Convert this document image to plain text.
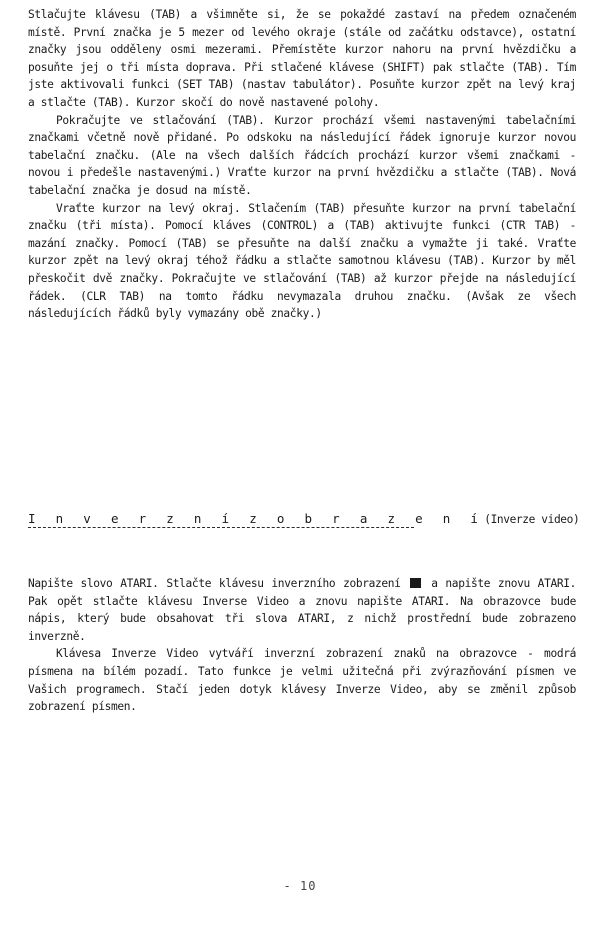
Stlačujte klávesu (TAB) a všimněte si, že se pokaždé zastaví na předem označeném místě. První značka je 5 mezer od levého okraje (stále od začátku odstavce), ostatní značky jsou odděleny osmi mezerami. Přemístěte kurzor nahoru na první hvězdičku a posuňte jej o tři místa doprava. Při stlačené klávese (SHIFT) pak stlačte (TAB). Tím jste aktivovali funkci (SET TAB) (nastav tabulátor). Posuňte kurzor zpět na levý kraj a stlačte (TAB). Kurzor skočí do nově nastavené polohy.

Pokračujte ve stlačování (TAB). Kurzor prochází všemi nastavenými tabelačními značkami včetně nově přidané. Po odskoku na následující řádek ignoruje kurzor novou tabelační značku. (Ale na všech dalších řádcích prochází kurzor všemi značkami - novou i předešle nastavenými.) Vraťte kurzor na první hvězdičku a stlačte (TAB). Nová tabelační značka je dosud na místě.

Vraťte kurzor na levý okraj. Stlačením (TAB) přesuňte kurzor na první tabelační značku (tři místa). Pomocí kláves (CONTROL) a (TAB) aktivujte funkci (CTR TAB) - mazání značky. Pomocí (TAB) se přesuňte na další značku a vymažte ji také. Vraťte kurzor zpět na levý okraj téhož řádku a stlačte samotnou klávesu (TAB). Kurzor by měl přeskočit dvě značky. Pokračujte ve stlačování (TAB) až kurzor přejde na následující řádek. (CLR TAB) na tomto řádku nevymazala druhou značku. (Avšak ze všech následujících řádků byly vymazány obě značky.)

I n v e r z n í z o b r a z e n í(Inverze video)

Napište slovo ATARI. Stlačte klávesu inverzního zobrazení	a napište znovu ATARI. Pak opět stlačte klávesu Inverse Video a znovu napište ATARI. Na obrazovce bude nápis, který bude obsahovat tři slova ATARI, z nichž prostřední bude zobrazeno inverzně.

Klávesa Inverze Video vytváří inverzní zobrazení znaků na obrazovce - modrá písmena na bílém pozadí. Tato funkce je velmi užitečná při zvýrazňování písmen ve Vašich programech. Stačí jeden dotyk klávesy Inverze Video, aby se změnil způsob zobrazení písmen.

- 10
